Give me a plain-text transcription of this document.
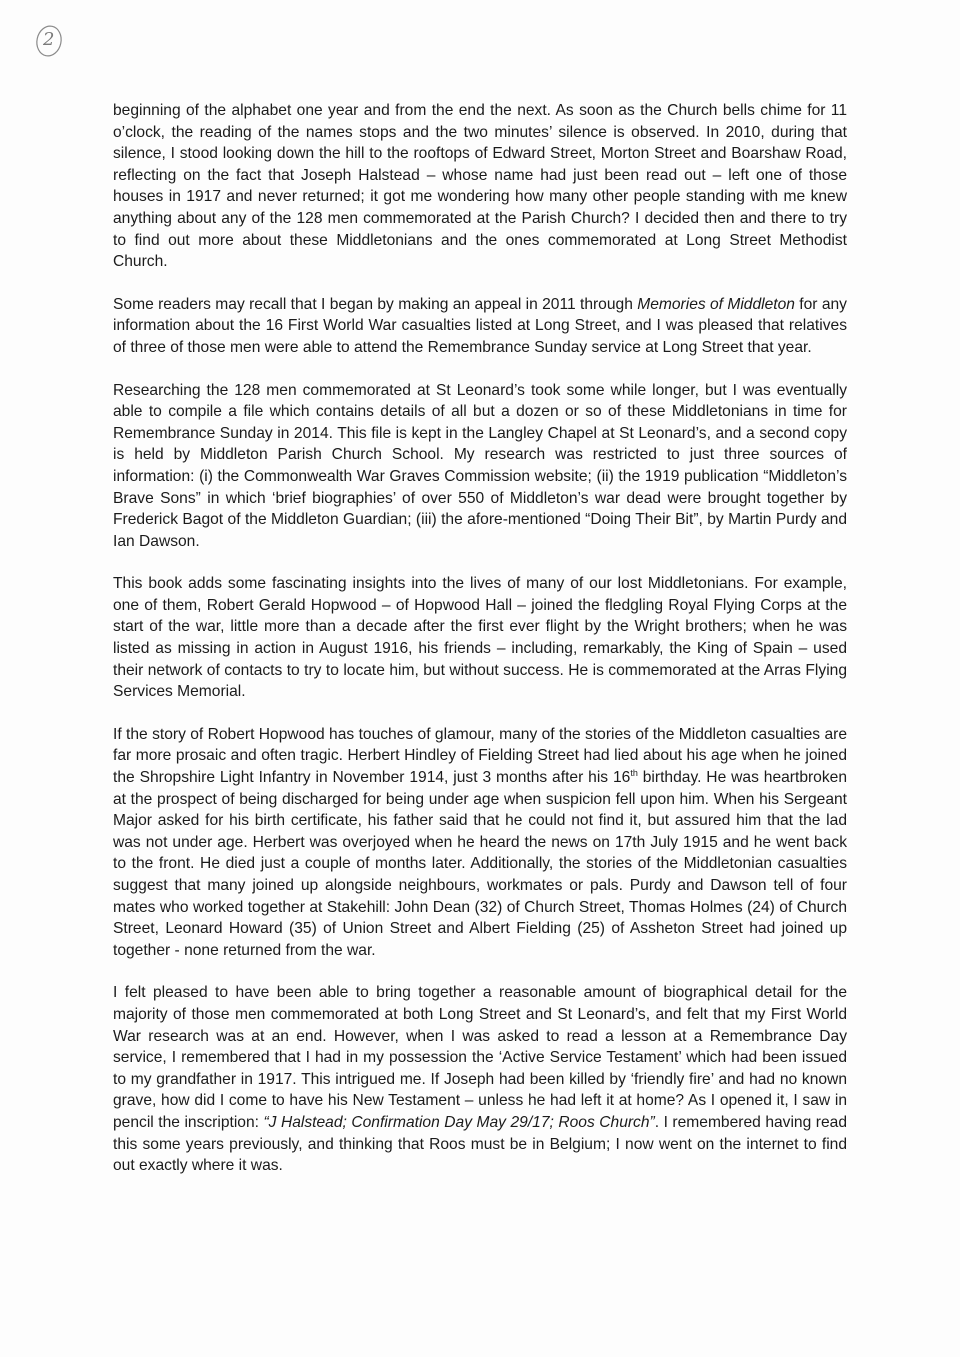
2

beginning of the alphabet one year and from the end the next. As soon as the Church bells chime for 11 o’clock, the reading of the names stops and the two minutes’ silence is observed. In 2010, during that silence, I stood looking down the hill to the rooftops of Edward Street, Morton Street and Boarshaw Road, reflecting on the fact that Joseph Halstead – whose name had just been read out – left one of those houses in 1917 and never returned; it got me wondering how many other people standing with me knew anything about any of the 128 men commemorated at the Parish Church? I decided then and there to try to find out more about these Middletonians and the ones commemorated at Long Street Methodist Church.

Some readers may recall that I began by making an appeal in 2011 through Memories of Middleton for any information about the 16 First World War casualties listed at Long Street, and I was pleased that relatives of three of those men were able to attend the Remembrance Sunday service at Long Street that year.

Researching the 128 men commemorated at St Leonard’s took some while longer, but I was eventually able to compile a file which contains details of all but a dozen or so of these Middletonians in time for Remembrance Sunday in 2014. This file is kept in the Langley Chapel at St Leonard’s, and a second copy is held by Middleton Parish Church School. My research was restricted to just three sources of information: (i) the Commonwealth War Graves Commission website; (ii) the 1919 publication “Middleton’s Brave Sons” in which ‘brief biographies’ of over 550 of Middleton’s war dead were brought together by Frederick Bagot of the Middleton Guardian; (iii) the afore-mentioned “Doing Their Bit”, by Martin Purdy and Ian Dawson.

This book adds some fascinating insights into the lives of many of our lost Middletonians. For example, one of them, Robert Gerald Hopwood – of Hopwood Hall – joined the fledgling Royal Flying Corps at the start of the war, little more than a decade after the first ever flight by the Wright brothers; when he was listed as missing in action in August 1916, his friends – including, remarkably, the King of Spain – used their network of contacts to try to locate him, but without success. He is commemorated at the Arras Flying Services Memorial.

If the story of Robert Hopwood has touches of glamour, many of the stories of the Middleton casualties are far more prosaic and often tragic. Herbert Hindley of Fielding Street had lied about his age when he joined the Shropshire Light Infantry in November 1914, just 3 months after his 16th birthday. He was heartbroken at the prospect of being discharged for being under age when suspicion fell upon him. When his Sergeant Major asked for his birth certificate, his father said that he could not find it, but assured him that the lad was not under age. Herbert was overjoyed when he heard the news on 17th July 1915 and he went back to the front. He died just a couple of months later. Additionally, the stories of the Middletonian casualties suggest that many joined up alongside neighbours, workmates or pals. Purdy and Dawson tell of four mates who worked together at Stakehill: John Dean (32) of Church Street, Thomas Holmes (24) of Church Street, Leonard Howard (35) of Union Street and Albert Fielding (25) of Assheton Street had joined up together - none returned from the war.

I felt pleased to have been able to bring together a reasonable amount of biographical detail for the majority of those men commemorated at both Long Street and St Leonard’s, and felt that my First World War research was at an end. However, when I was asked to read a lesson at a Remembrance Day service, I remembered that I had in my possession the ‘Active Service Testament’ which had been issued to my grandfather in 1917. This intrigued me. If Joseph had been killed by ‘friendly fire’ and had no known grave, how did I come to have his New Testament – unless he had left it at home? As I opened it, I saw in pencil the inscription: “J Halstead; Confirmation Day May 29/17; Roos Church”. I remembered having read this some years previously, and thinking that Roos must be in Belgium; I now went on the internet to find out exactly where it was.
